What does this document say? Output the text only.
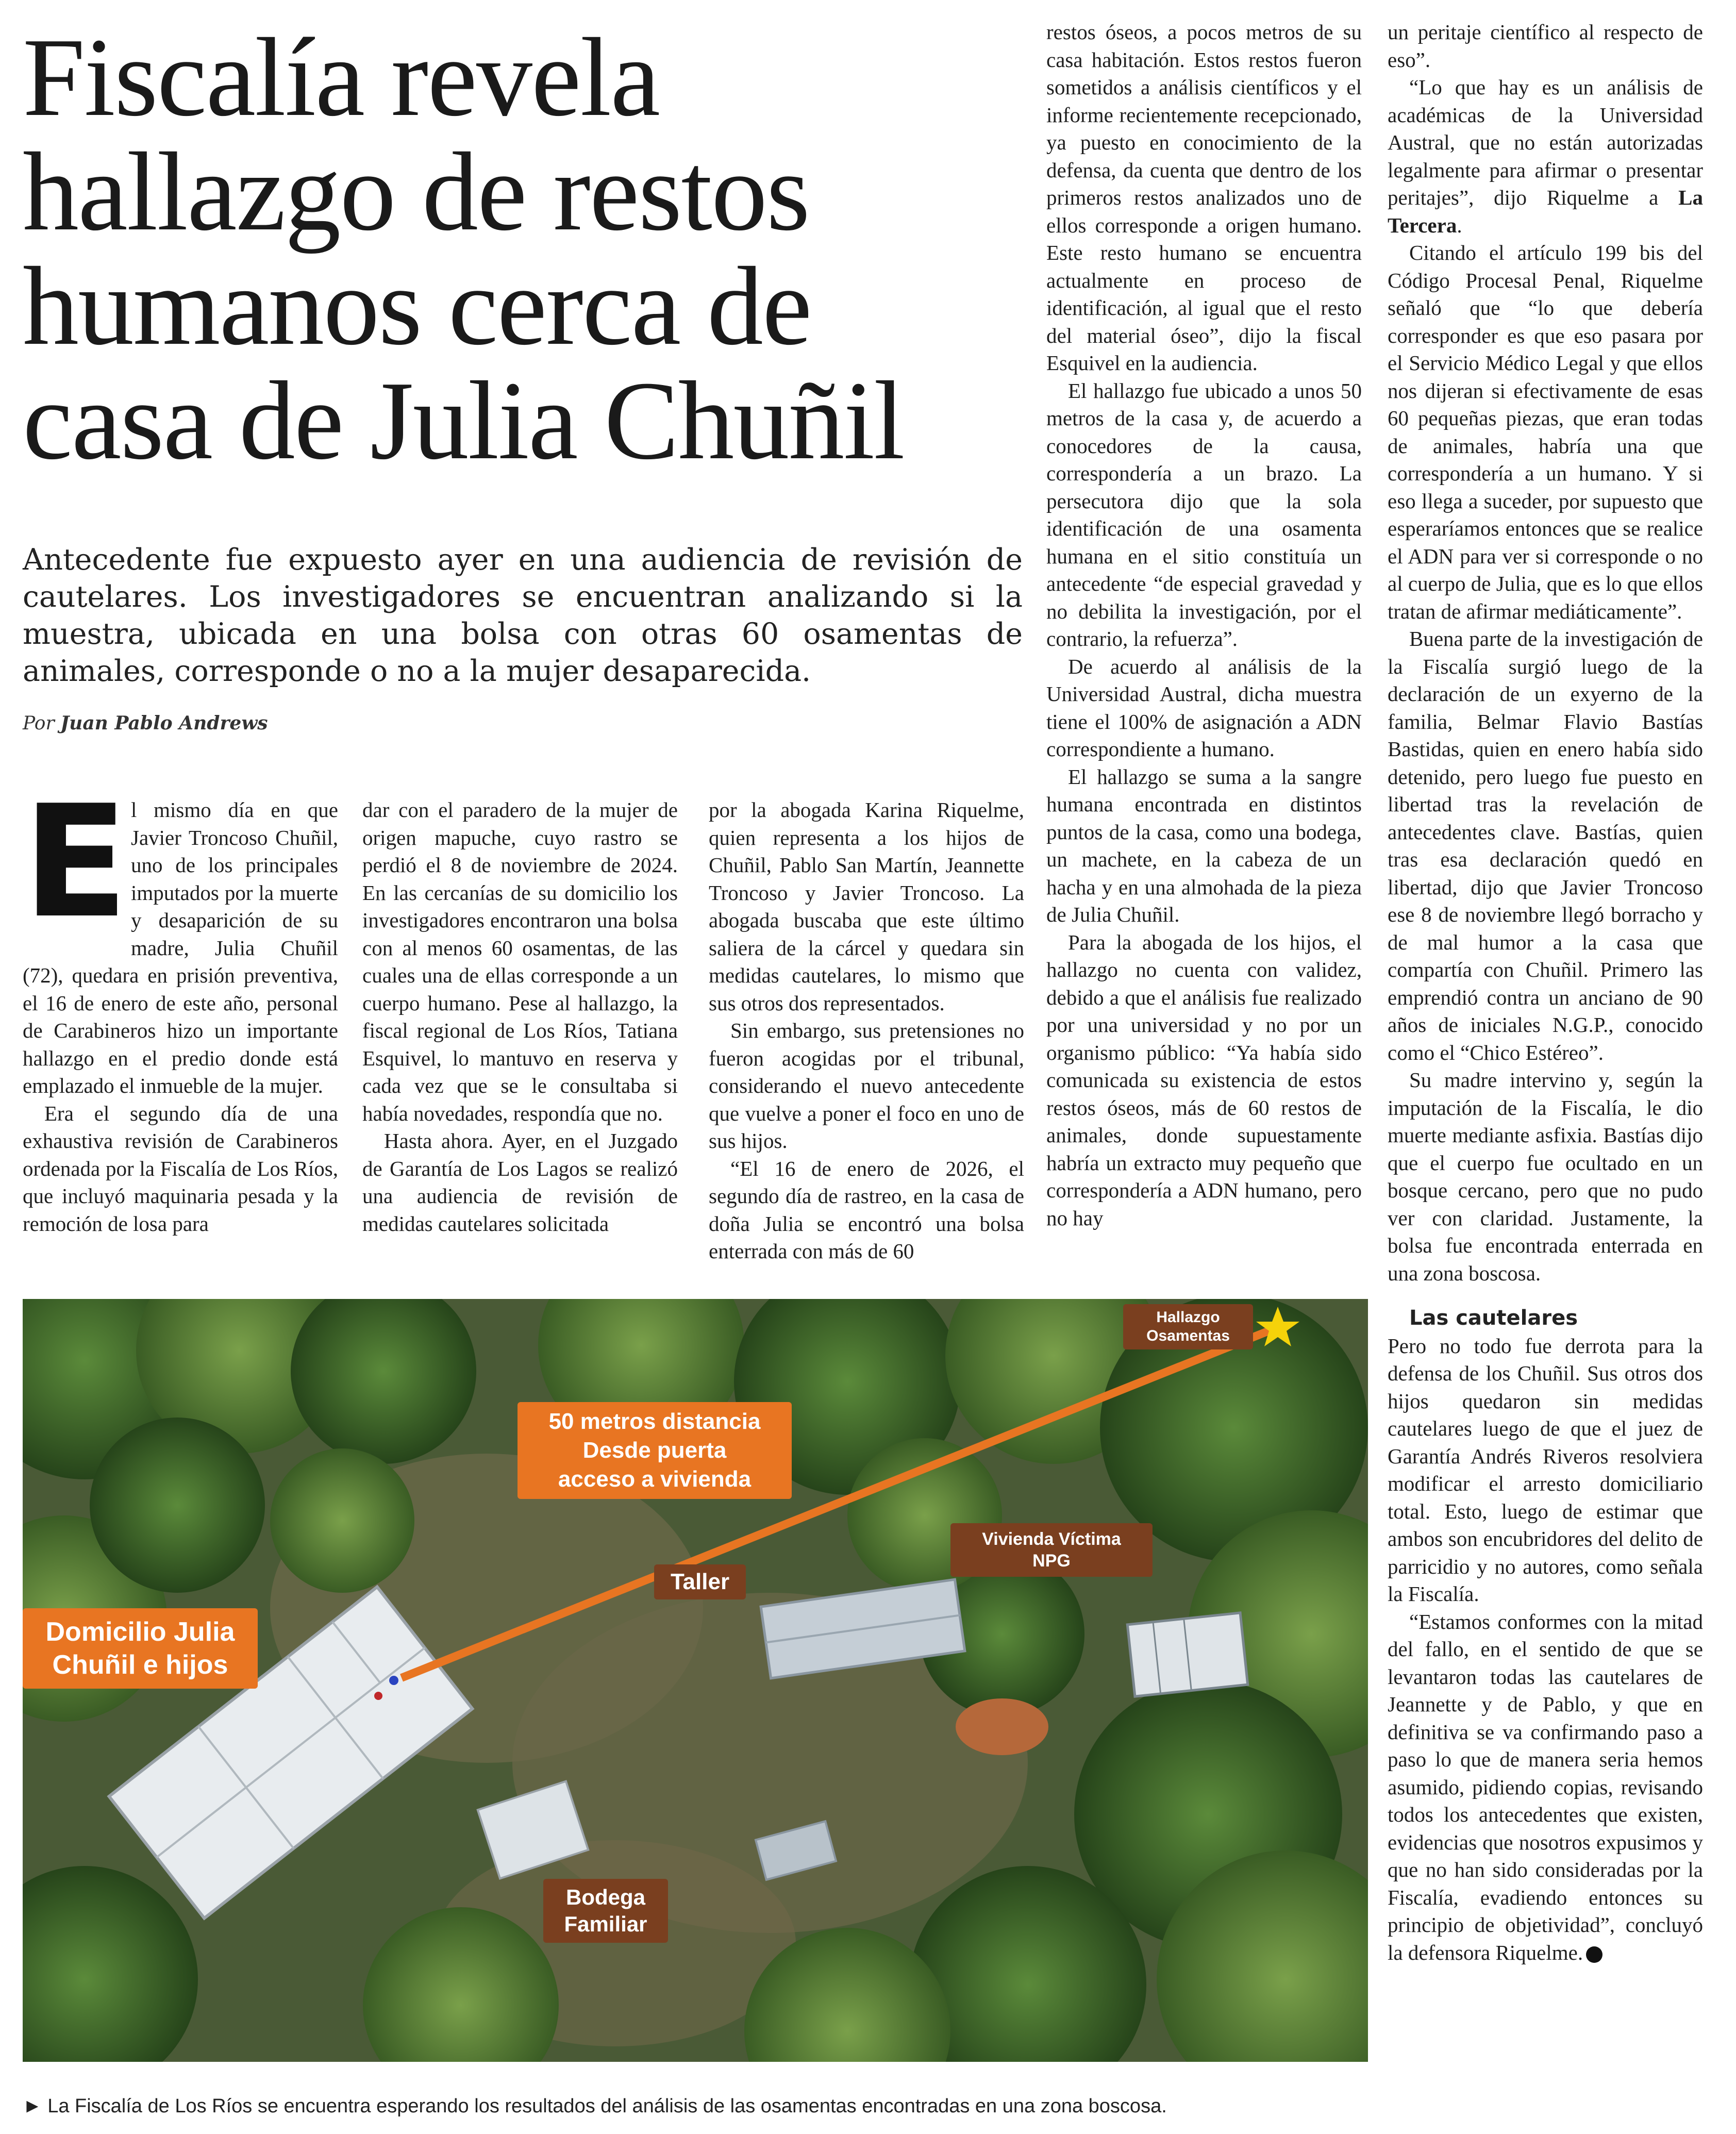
Fiscalía revela hallazgo de restos humanos cerca de casa de Julia Chuñil

Antecedente fue expuesto ayer en una audiencia de revisión de cautelares. Los investigadores se encuentran analizando si la muestra, ubicada en una bolsa con otras 60 osamentas de animales, corresponde o no a la mujer desaparecida.

Por Juan Pablo Andrews
E l mismo día en que Javier Troncoso Chuñil, uno de los principales imputados por la muerte y desaparición de su madre, Julia Chuñil (72), quedara en prisión preventiva, el 16 de enero de este año, personal de Carabineros hizo un importante hallazgo en el predio donde está emplazado el inmueble de la mujer.

Era el segundo día de una exhaustiva revisión de Carabineros ordenada por la Fiscalía de Los Ríos, que incluyó maquinaria pesada y la remoción de losa para

dar con el paradero de la mujer de origen mapuche, cuyo rastro se perdió el 8 de noviembre de 2024. En las cercanías de su domicilio los investigadores encontraron una bolsa con al menos 60 osamentas, de las cuales una de ellas corresponde a un cuerpo humano. Pese al hallazgo, la fiscal regional de Los Ríos, Tatiana Esquivel, lo mantuvo en reserva y cada vez que se le consultaba si había novedades, respondía que no.

Hasta ahora. Ayer, en el Juzgado de Garantía de Los Lagos se realizó una audiencia de revisión de medidas cautelares solicitada

por la abogada Karina Riquelme, quien representa a los hijos de Chuñil, Pablo San Martín, Jeannette Troncoso y Javier Troncoso. La abogada buscaba que este último saliera de la cárcel y quedara sin medidas cautelares, lo mismo que sus otros dos representados.

Sin embargo, sus pretensiones no fueron acogidas por el tribunal, considerando el nuevo antecedente que vuelve a poner el foco en uno de sus hijos.

“El 16 de enero de 2026, el segundo día de rastreo, en la casa de doña Julia se encontró una bolsa enterrada con más de 60

restos óseos, a pocos metros de su casa habitación. Estos restos fueron sometidos a análisis científicos y el informe recientemente recepcionado, ya puesto en conocimiento de la defensa, da cuenta que dentro de los primeros restos analizados uno de ellos corresponde a origen humano. Este resto humano se encuentra actualmente en proceso de identificación, al igual que el resto del material óseo”, dijo la fiscal Esquivel en la audiencia.

El hallazgo fue ubicado a unos 50 metros de la casa y, de acuerdo a conocedores de la causa, correspondería a un brazo. La persecutora dijo que la sola identificación de una osamenta humana en el sitio constituía un antecedente “de especial gravedad y no debilita la investigación, por el contrario, la refuerza”.

De acuerdo al análisis de la Universidad Austral, dicha muestra tiene el 100% de asignación a ADN correspondiente a humano.

El hallazgo se suma a la sangre humana encontrada en distintos puntos de la casa, como una bodega, un machete, en la cabeza de un hacha y en una almohada de la pieza de Julia Chuñil.

Para la abogada de los hijos, el hallazgo no cuenta con validez, debido a que el análisis fue realizado por una universidad y no por un organismo público: “Ya había sido comunicada su existencia de estos restos óseos, más de 60 restos de animales, donde supuestamente habría un extracto muy pequeño que correspondería a ADN humano, pero no hay

un peritaje científico al respecto de eso”.

“Lo que hay es un análisis de académicas de la Universidad Austral, que no están autorizadas legalmente para afirmar o presentar peritajes”, dijo Riquelme a La Tercera.

Citando el artículo 199 bis del Código Procesal Penal, Riquelme señaló que “lo que debería corresponder es que eso pasara por el Servicio Médico Legal y que ellos nos dijeran si efectivamente de esas 60 pequeñas piezas, que eran todas de animales, habría una que correspondería a un humano. Y si eso llega a suceder, por supuesto que esperaríamos entonces que se realice el ADN para ver si corresponde o no al cuerpo de Julia, que es lo que ellos tratan de afirmar mediáticamente”.

Buena parte de la investigación de la Fiscalía surgió luego de la declaración de un exyerno de la familia, Belmar Flavio Bastías Bastidas, quien en enero había sido detenido, pero luego fue puesto en libertad tras la revelación de antecedentes clave. Bastías, quien tras esa declaración quedó en libertad, dijo que Javier Troncoso ese 8 de noviembre llegó borracho y de mal humor a la casa que compartía con Chuñil. Primero las emprendió contra un anciano de 90 años de iniciales N.G.P., conocido como el “Chico Estéreo”.

Su madre intervino y, según la imputación de la Fiscalía, le dio muerte mediante asfixia. Bastías dijo que el cuerpo fue ocultado en un bosque cercano, pero que no pudo ver con claridad. Justamente, la bolsa fue encontrada enterrada en una zona boscosa.

Las cautelares

Pero no todo fue derrota para la defensa de los Chuñil. Sus otros dos hijos quedaron sin medidas cautelares luego de que el juez de Garantía Andrés Riveros resolviera modificar el arresto domiciliario total. Esto, luego de estimar que ambos son encubridores del delito de parricidio y no autores, como señala la Fiscalía.

“Estamos conformes con la mitad del fallo, en el sentido de que se levantaron todas las cautelares de Jeannette y de Pablo, y que en definitiva se va confirmando paso a paso lo que de manera seria hemos asumido, pidiendo copias, revisando todos los antecedentes que existen, evidencias que nosotros expusimos y que no han sido consideradas por la Fiscalía, evadiendo entonces su principio de objetividad”, concluyó la defensora Riquelme.

Hallazgo
Osamentas
50 metros distancia
Desde puerta
acceso a vivienda
Taller
Vivienda Víctima
NPG
Domicilio Julia
Chuñil e hijos
Bodega
Familiar
► La Fiscalía de Los Ríos se encuentra esperando los resultados del análisis de las osamentas encontradas en una zona boscosa.
